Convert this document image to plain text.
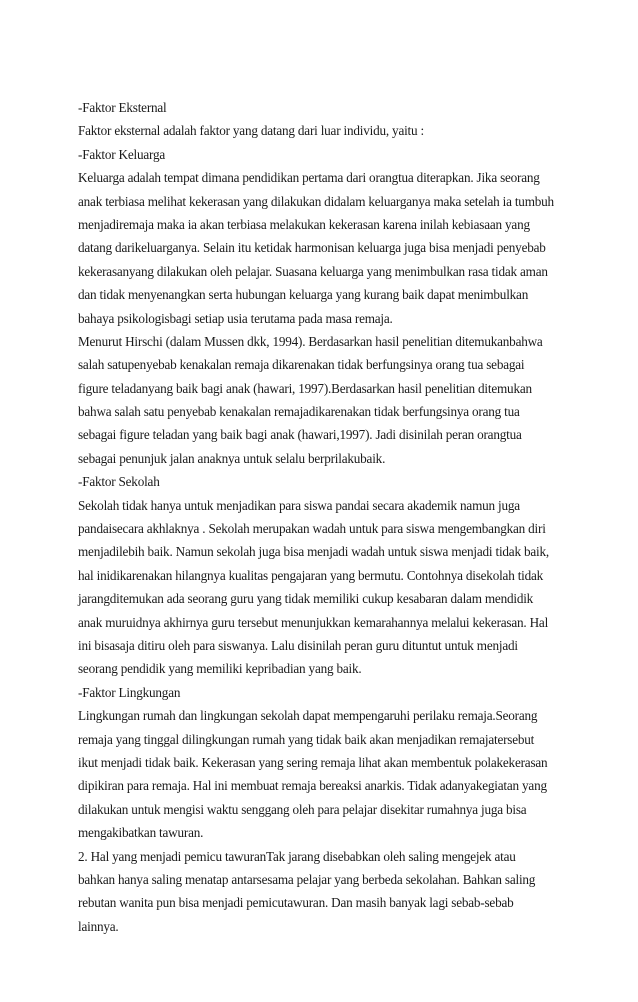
-Faktor Eksternal
Faktor eksternal adalah faktor yang datang dari luar individu, yaitu :
-Faktor Keluarga
Keluarga adalah tempat dimana pendidikan pertama dari orangtua diterapkan. Jika seorang
anak terbiasa melihat kekerasan yang dilakukan didalam keluarganya maka setelah ia tumbuh
menjadiremaja maka ia akan terbiasa melakukan kekerasan karena inilah kebiasaan yang
datang darikeluarganya. Selain itu ketidak harmonisan keluarga juga bisa menjadi penyebab
kekerasanyang dilakukan oleh pelajar. Suasana keluarga yang menimbulkan rasa tidak aman
dan tidak menyenangkan serta hubungan keluarga yang kurang baik dapat menimbulkan
bahaya psikologisbagi setiap usia terutama pada masa remaja.
Menurut Hirschi (dalam Mussen dkk, 1994). Berdasarkan hasil penelitian ditemukanbahwa
salah satupenyebab kenakalan remaja dikarenakan tidak berfungsinya orang tua sebagai
figure teladanyang baik bagi anak (hawari, 1997).Berdasarkan hasil penelitian ditemukan
bahwa salah satu penyebab kenakalan remajadikarenakan tidak berfungsinya orang tua
sebagai figure teladan yang baik bagi anak (hawari,1997). Jadi disinilah peran orangtua
sebagai penunjuk jalan anaknya untuk selalu berprilakubaik.
-Faktor Sekolah
Sekolah tidak hanya untuk menjadikan para siswa pandai secara akademik namun juga
pandaisecara akhlaknya . Sekolah merupakan wadah untuk para siswa mengembangkan diri
menjadilebih baik. Namun sekolah juga bisa menjadi wadah untuk siswa menjadi tidak baik,
hal inidikarenakan hilangnya kualitas pengajaran yang bermutu. Contohnya disekolah tidak
jarangditemukan ada seorang guru yang tidak memiliki cukup kesabaran dalam mendidik
anak muruidnya akhirnya guru tersebut menunjukkan kemarahannya melalui kekerasan. Hal
ini bisasaja ditiru oleh para siswanya. Lalu disinilah peran guru dituntut untuk menjadi
seorang pendidik yang memiliki kepribadian yang baik.
-Faktor Lingkungan
Lingkungan rumah dan lingkungan sekolah dapat mempengaruhi perilaku remaja.Seorang
remaja yang tinggal dilingkungan rumah yang tidak baik akan menjadikan remajatersebut
ikut menjadi tidak baik. Kekerasan yang sering remaja lihat akan membentuk polakekerasan
dipikiran para remaja. Hal ini membuat remaja bereaksi anarkis. Tidak adanyakegiatan yang
dilakukan untuk mengisi waktu senggang oleh para pelajar disekitar rumahnya juga bisa
mengakibatkan tawuran.
2. Hal yang menjadi pemicu tawuranTak jarang disebabkan oleh saling mengejek atau
bahkan hanya saling menatap antarsesama pelajar yang berbeda sekolahan. Bahkan saling
rebutan wanita pun bisa menjadi pemicutawuran. Dan masih banyak lagi sebab-sebab
lainnya.
